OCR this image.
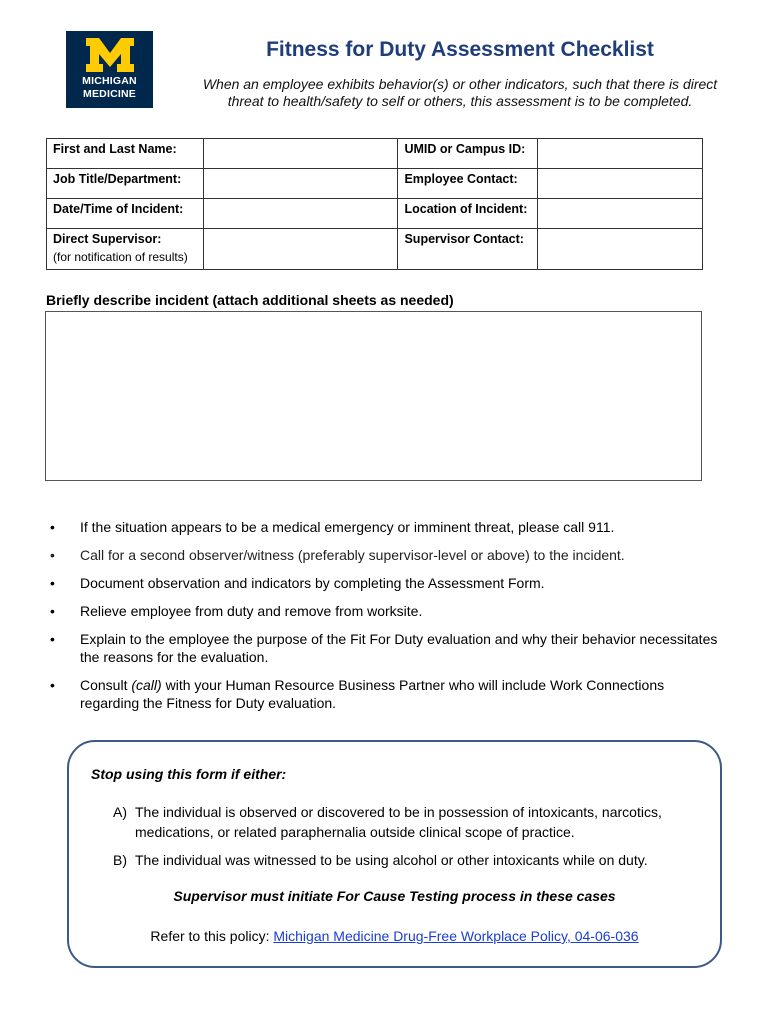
MICHIGAN
MEDICINE
Fitness for Duty Assessment Checklist
When an employee exhibits behavior(s) or other indicators, such that there is direct
threat to health/safety to self or others, this assessment is to be completed.
First and Last Name:		UMID or Campus ID:	
Job Title/Department:		Employee Contact:	
Date/Time of Incident:		Location of Incident:	
Direct Supervisor:
(for notification of results)		Supervisor Contact:	
Briefly describe incident (attach additional sheets as needed)
• If the situation appears to be a medical emergency or imminent threat, please call 911.
• Call for a second observer/witness (preferably supervisor-level or above) to the incident.
• Document observation and indicators by completing the Assessment Form.
• Relieve employee from duty and remove from worksite.
• Explain to the employee the purpose of the Fit For Duty evaluation and why their behavior necessitates the reasons for the evaluation.
• Consult (call) with your Human Resource Business Partner who will include Work Connections regarding the Fitness for Duty evaluation.
Stop using this form if either:
A) The individual is observed or discovered to be in possession of intoxicants, narcotics, medications, or related paraphernalia outside clinical scope of practice.
B) The individual was witnessed to be using alcohol or other intoxicants while on duty.
Supervisor must initiate For Cause Testing process in these cases
Refer to this policy: Michigan Medicine Drug-Free Workplace Policy, 04-06-036
